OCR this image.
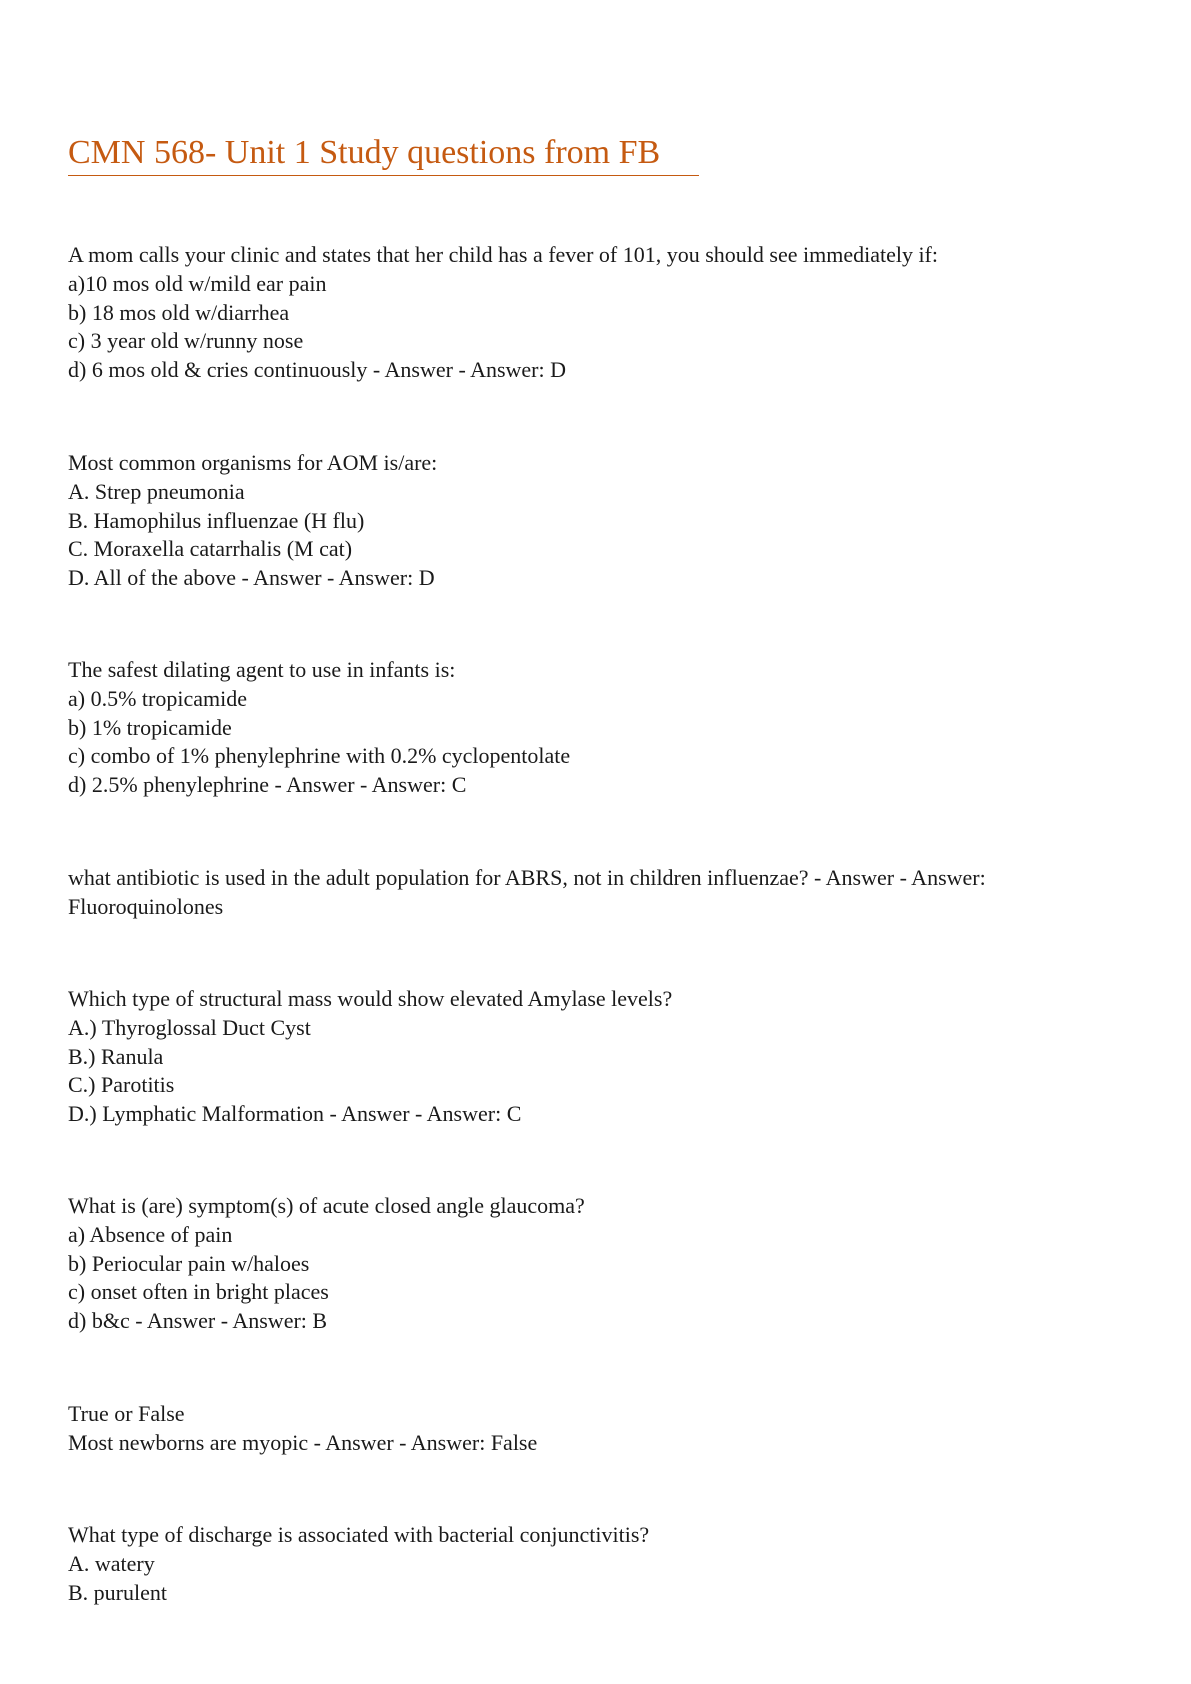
CMN 568- Unit 1 Study questions from FB
A mom calls your clinic and states that her child has a fever of 101, you should see immediately if:
a)10 mos old w/mild ear pain
b) 18 mos old w/diarrhea
c) 3 year old w/runny nose
d) 6 mos old & cries continuously - Answer - Answer: D
Most common organisms for AOM is/are:
A. Strep pneumonia
B. Hamophilus influenzae (H flu)
C. Moraxella catarrhalis (M cat)
D. All of the above - Answer - Answer: D
The safest dilating agent to use in infants is:
a) 0.5% tropicamide
b) 1% tropicamide
c) combo of 1% phenylephrine with 0.2% cyclopentolate
d) 2.5% phenylephrine - Answer - Answer: C
what antibiotic is used in the adult population for ABRS, not in children influenzae? - Answer - Answer:
Fluoroquinolones
Which type of structural mass would show elevated Amylase levels?
A.) Thyroglossal Duct Cyst
B.) Ranula
C.) Parotitis
D.) Lymphatic Malformation - Answer - Answer: C
What is (are) symptom(s) of acute closed angle glaucoma?
a) Absence of pain
b) Periocular pain w/haloes
c) onset often in bright places
d) b&c - Answer - Answer: B
True or False
Most newborns are myopic - Answer - Answer: False
What type of discharge is associated with bacterial conjunctivitis?
A. watery
B. purulent
